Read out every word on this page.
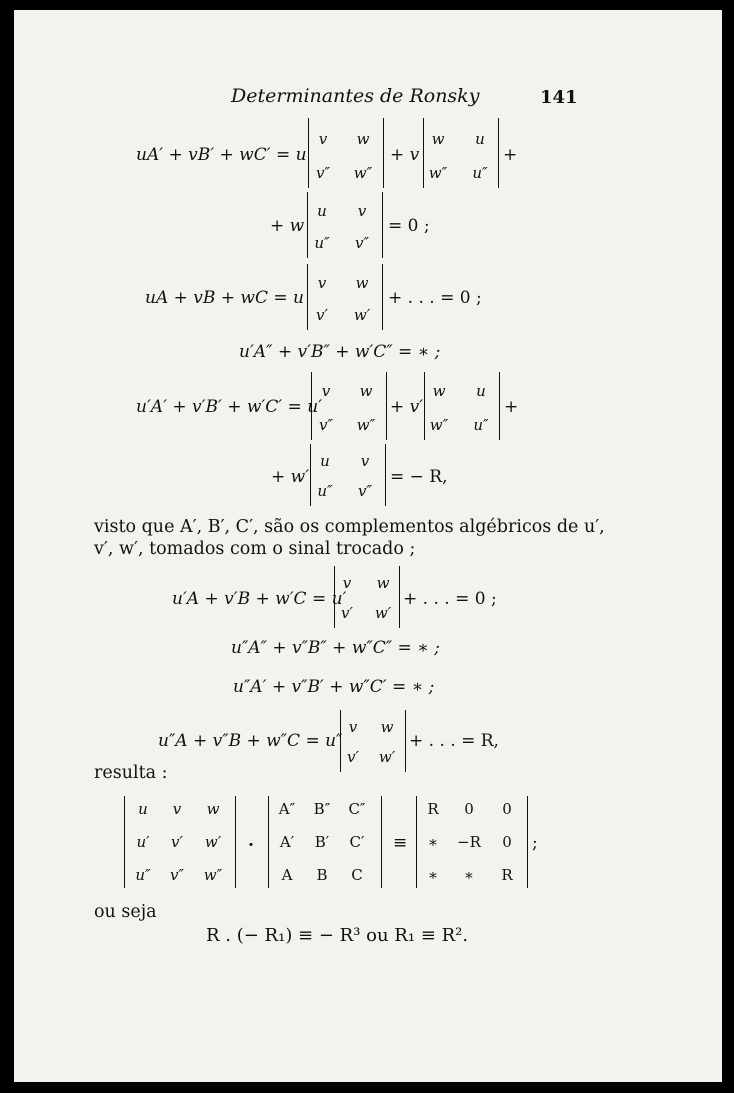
Determinantes de Ronsky	141
uA′ + vB′ + wC′ = u
v	w
v″	w″
+ v
w	u
w″	u″
+
+ w
u	v
u″	v″
= 0 ;
uA + vB + wC = u
v	w
v′	w′
+ . . . = 0 ;
u′A″ + v′B″ + w′C″ = ∗ ;
u′A′ + v′B′ + w′C′ = u′
v	w
v″	w″
+ v′
w	u
w″	u″
+
+ w′
u	v
u″	v″
= − R,
visto que A′, B′, C′, são os complementos algébricos de u′,
v′, w′, tomados com o sinal trocado ;
u′A + v′B + w′C = u′
v	w
v′	w′
+ . . . = 0 ;
u″A″ + v″B″ + w″C″ = ∗ ;
u″A′ + v″B′ + w″C′ = ∗ ;
u″A + v″B + w″C = u″
v	w
v′	w′
+ . . . = R,
resulta :
u	v	w
u′	v′	w′
u″	v″	w″
.
A″	B″	C″
A′	B′	C′
A	B	C
≡
R	0	0
∗	−R	0
∗	∗	R
;
ou seja
R . (− R₁) ≡ − R³ ou R₁ ≡ R².
